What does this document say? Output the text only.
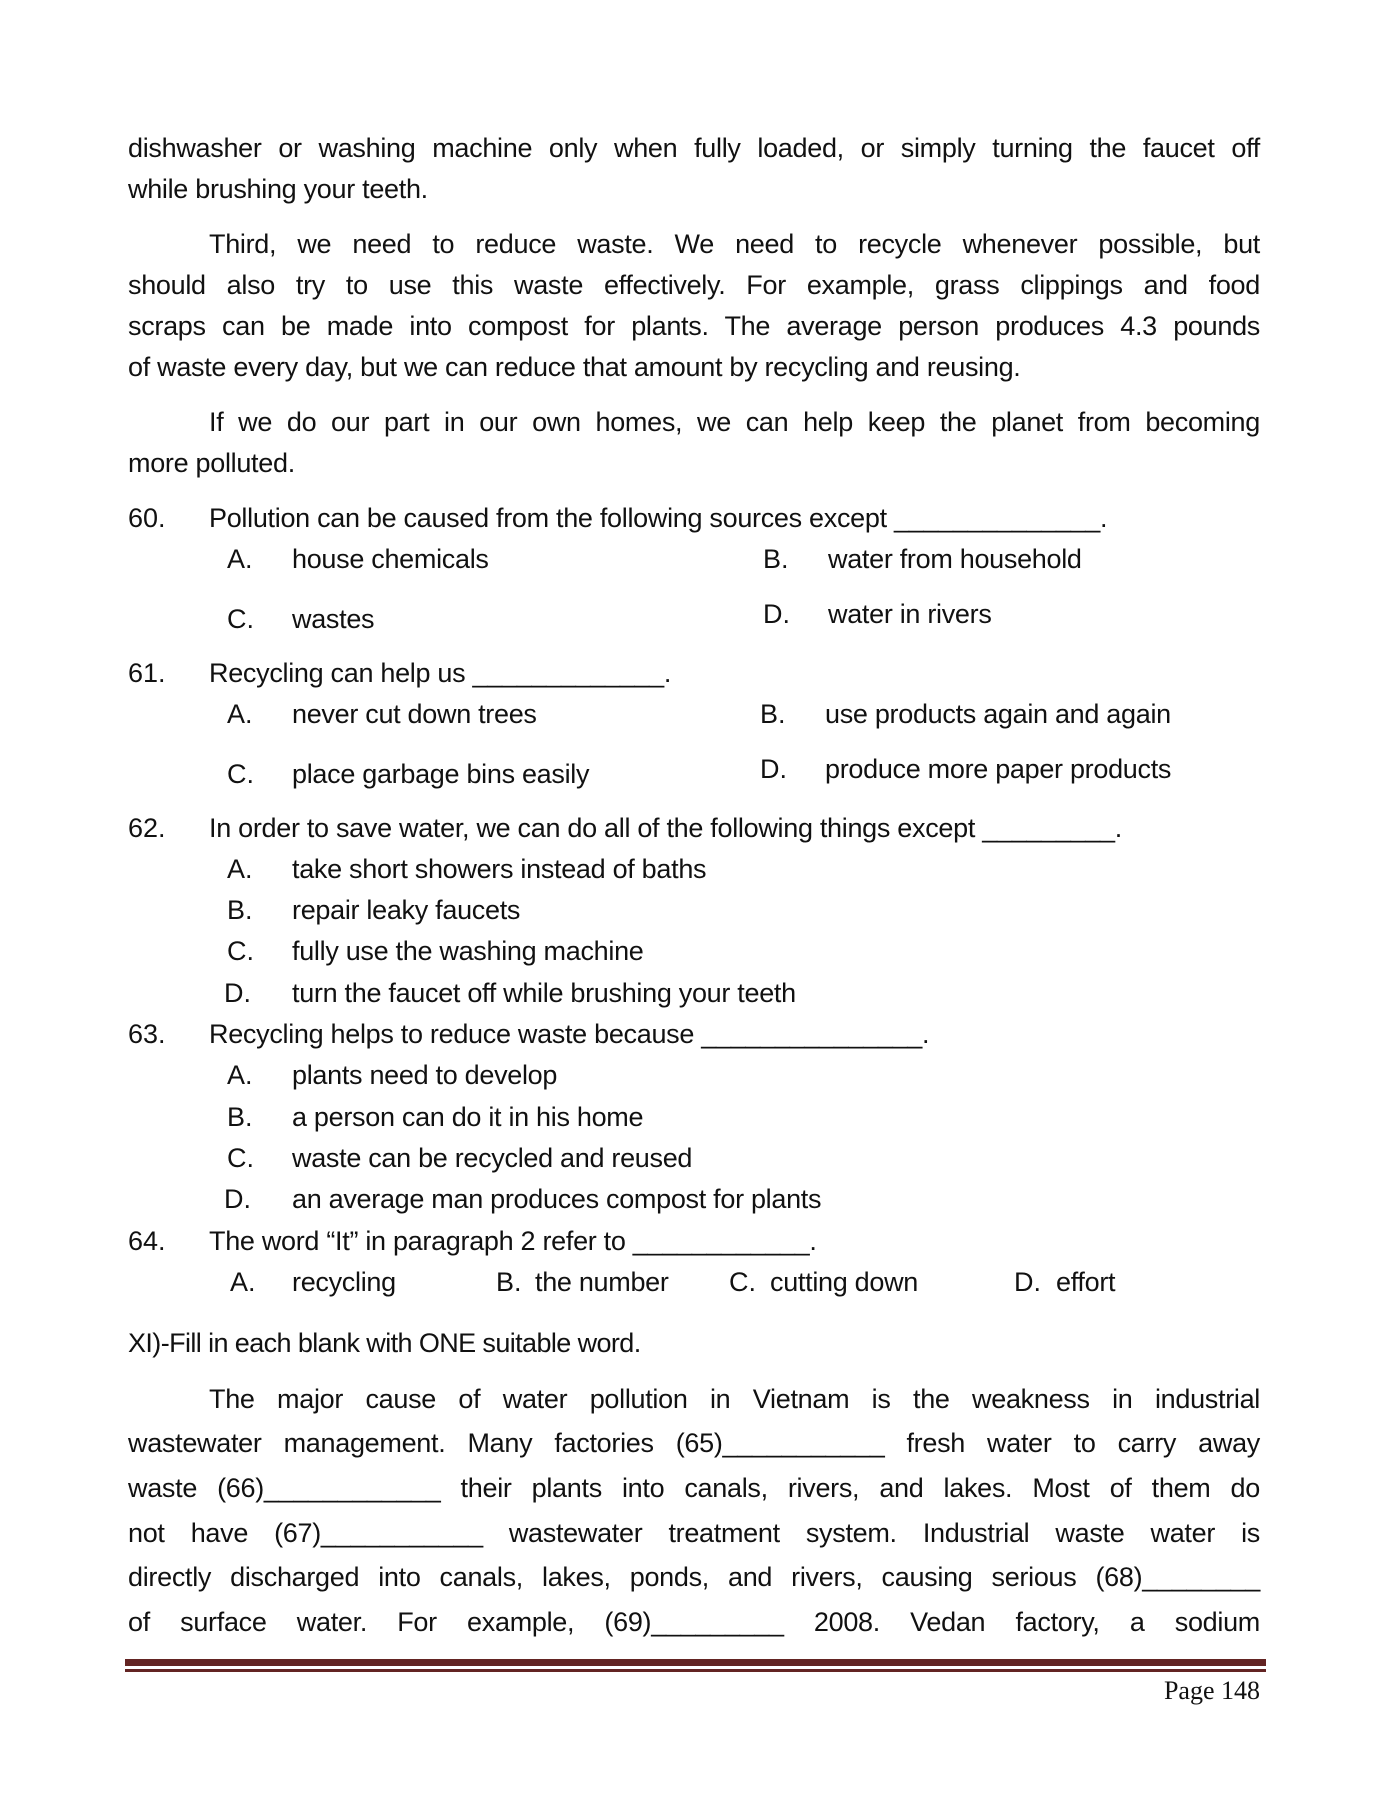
dishwasher or washing machine only when fully loaded, or simply turning the faucet off
while brushing your teeth.
Third, we need to reduce waste. We need to recycle whenever possible, but
should also try to use this waste effectively. For example, grass clippings and food
scraps can be made into compost for plants. The average person produces 4.3 pounds
of waste every day, but we can reduce that amount by recycling and reusing.
If we do our part in our own homes, we can help keep the planet from becoming
more polluted.
60. Pollution can be caused from the following sources except ______________.
A. house chemicals	B. water from household
C. wastes	D. water in rivers
61. Recycling can help us _____________.
A. never cut down trees	B. use products again and again
C. place garbage bins easily	D. produce more paper products
62. In order to save water, we can do all of the following things except _________.
A. take short showers instead of baths
B. repair leaky faucets
C. fully use the washing machine
D. turn the faucet off while brushing your teeth
63. Recycling helps to reduce waste because _______________.
A. plants need to develop
B. a person can do it in his home
C. waste can be recycled and reused
D. an average man produces compost for plants
64. The word “It” in paragraph 2 refer to ____________.
A. recycling	B. the number C. cutting down	D. effort
XI)-Fill in each blank with ONE suitable word.
The major cause of water pollution in Vietnam is the weakness in industrial
wastewater management. Many factories (65)___________ fresh water to carry away
waste (66)____________ their plants into canals, rivers, and lakes. Most of them do
not have (67)___________ wastewater treatment system. Industrial waste water is
directly discharged into canals, lakes, ponds, and rivers, causing serious (68)________
of surface water. For example, (69)_________ 2008. Vedan factory, a sodium
Page 148
